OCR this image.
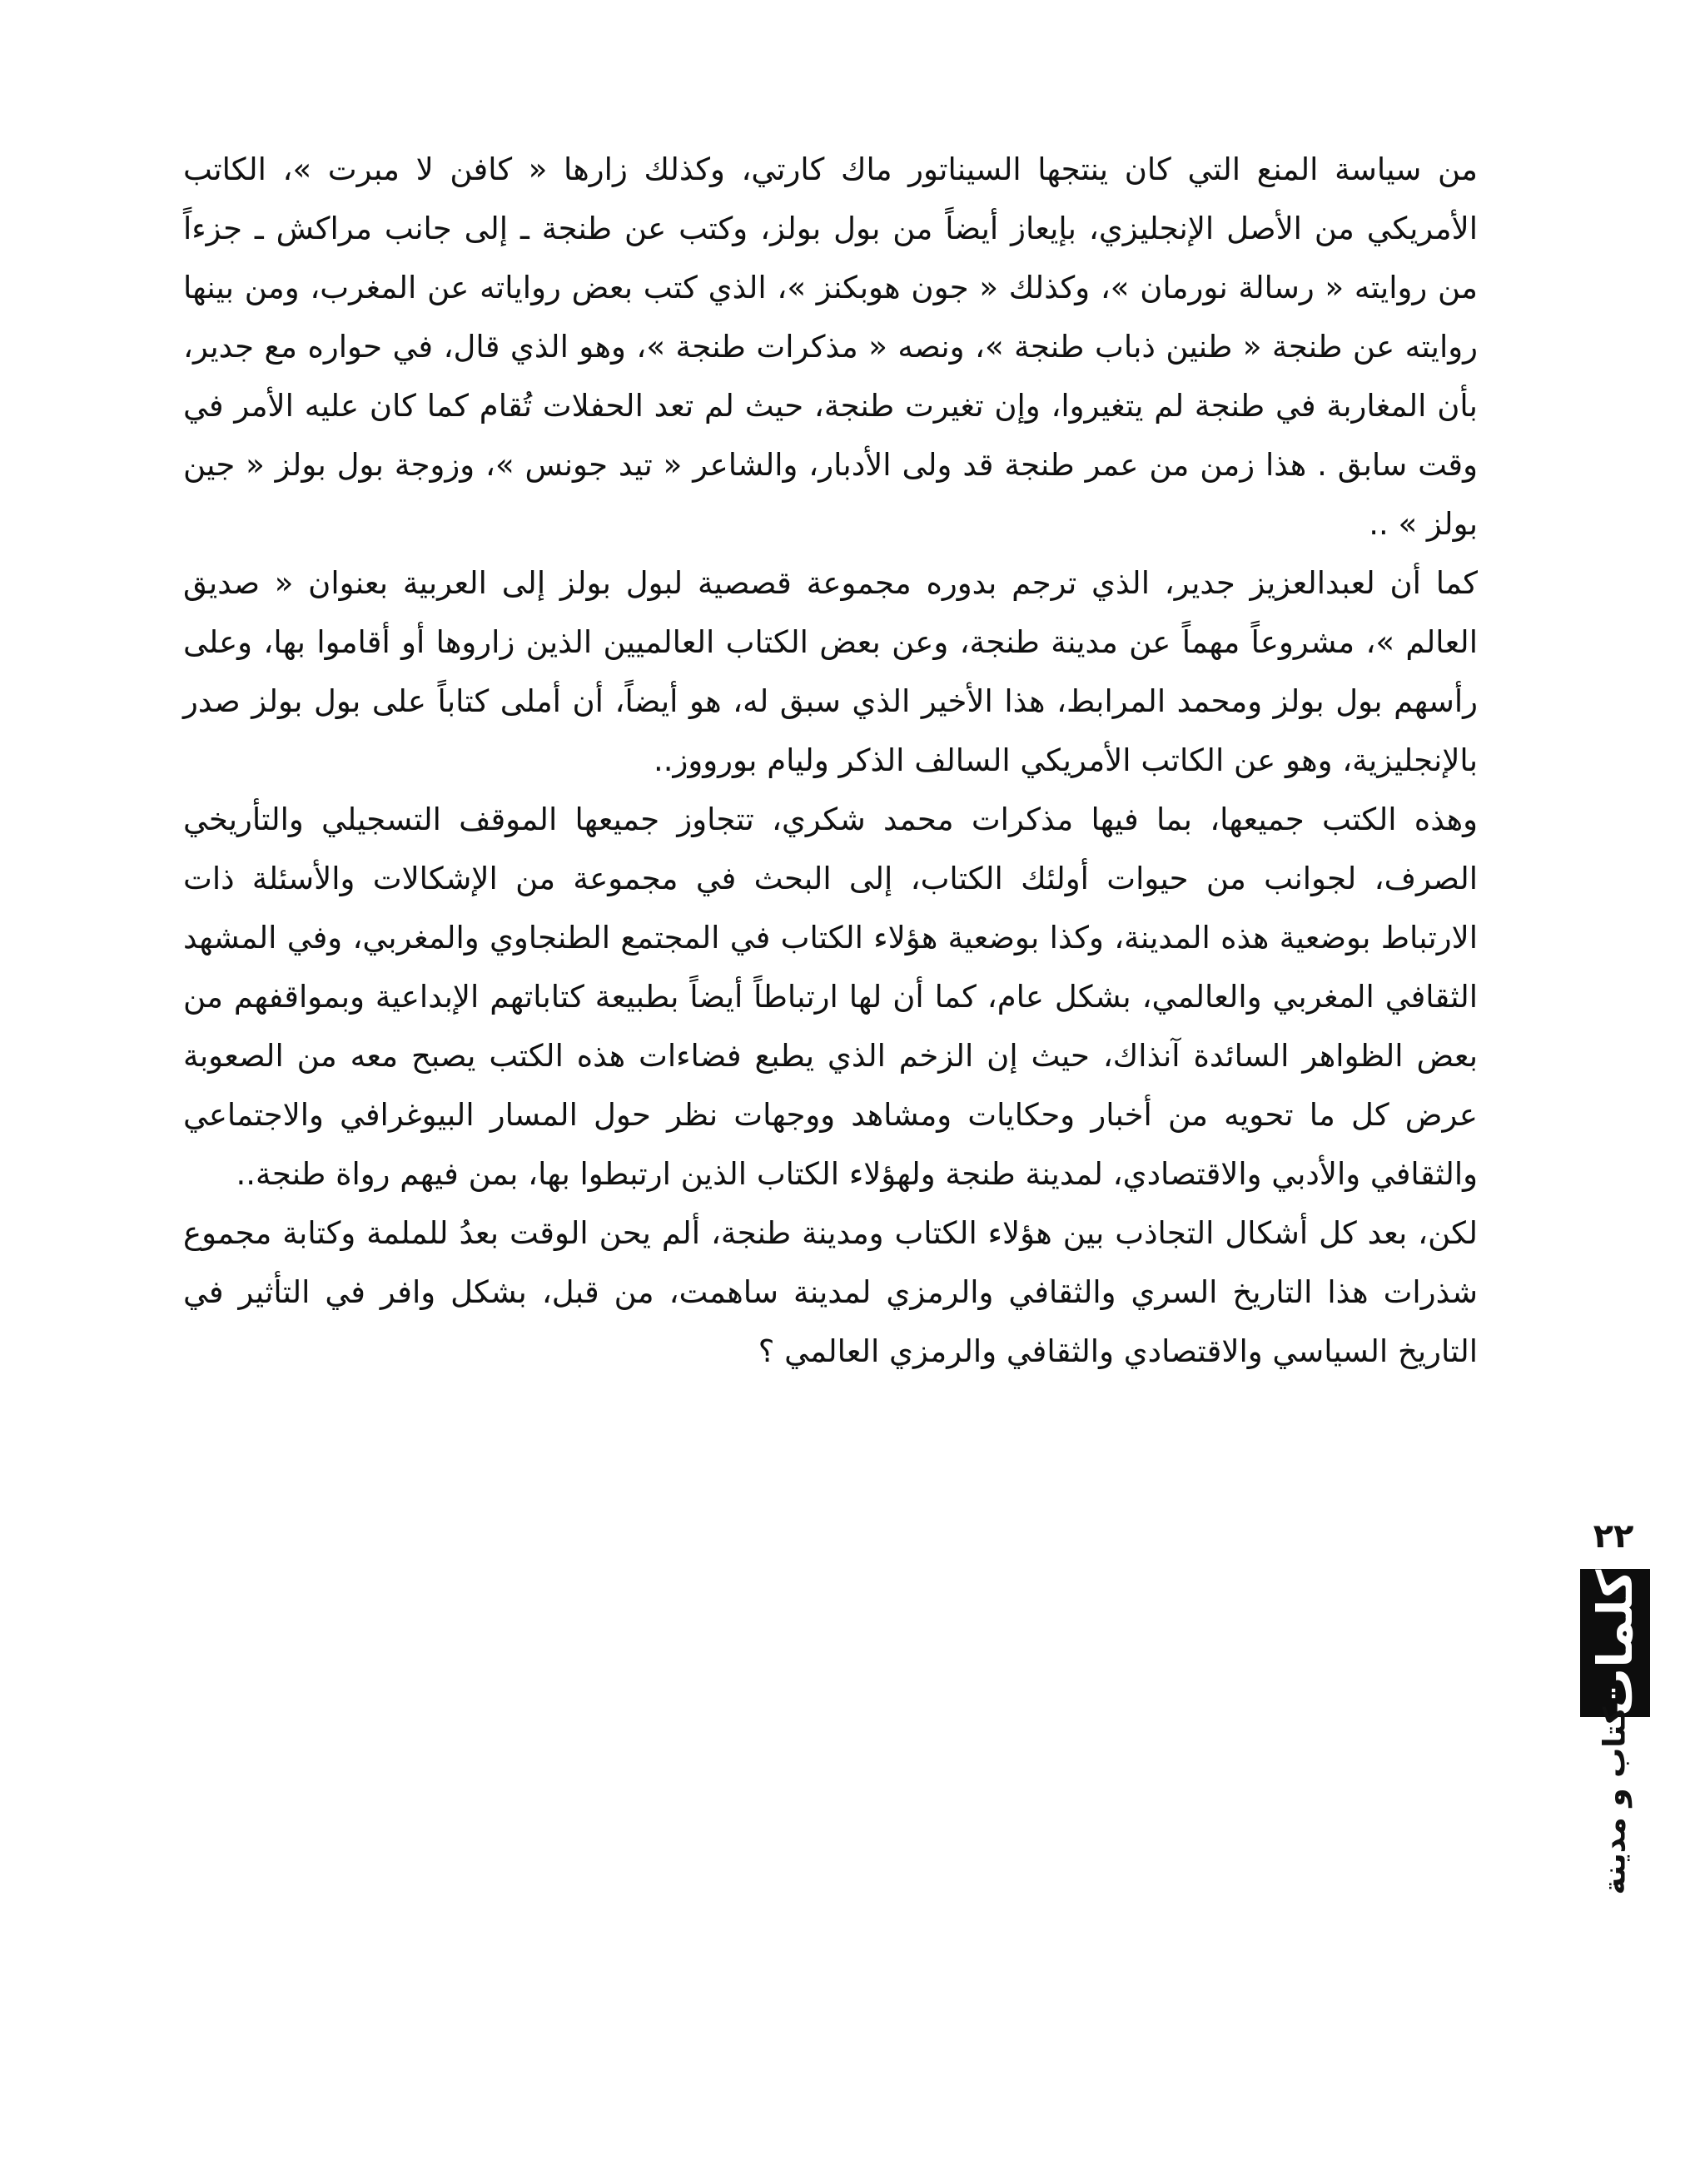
من سياسة المنع التي كان ينتجها السيناتور ماك كارتي، وكذلك زارها « كافن لا مبرت »، الكاتب الأمريكي من الأصل الإنجليزي، بإيعاز أيضاً من بول بولز، وكتب عن طنجة ـ إلى جانب مراكش ـ جزءاً من روايته « رسالة نورمان »، وكذلك « جون هوبكنز »، الذي كتب بعض رواياته عن المغرب، ومن بينها روايته عن طنجة « طنين ذباب طنجة »، ونصه « مذكرات طنجة »، وهو الذي قال، في حواره مع جدير، بأن المغاربة في طنجة لم يتغيروا، وإن تغيرت طنجة، حيث لم تعد الحفلات تُقام كما كان عليه الأمر في وقت سابق . هذا زمن من عمر طنجة قد ولى الأدبار، والشاعر « تيد جونس »، وزوجة بول بولز « جين بولز » ..

كما أن لعبدالعزيز جدير، الذي ترجم بدوره مجموعة قصصية لبول بولز إلى العربية بعنوان « صديق العالم »، مشروعاً مهماً عن مدينة طنجة، وعن بعض الكتاب العالميين الذين زاروها أو أقاموا بها، وعلى رأسهم بول بولز ومحمد المرابط، هذا الأخير الذي سبق له، هو أيضاً، أن أملى كتاباً على بول بولز صدر بالإنجليزية، وهو عن الكاتب الأمريكي السالف الذكر وليام بورووز..

وهذه الكتب جميعها، بما فيها مذكرات محمد شكري، تتجاوز جميعها الموقف التسجيلي والتأريخي الصرف، لجوانب من حيوات أولئك الكتاب، إلى البحث في مجموعة من الإشكالات والأسئلة ذات الارتباط بوضعية هذه المدينة، وكذا بوضعية هؤلاء الكتاب في المجتمع الطنجاوي والمغربي، وفي المشهد الثقافي المغربي والعالمي، بشكل عام، كما أن لها ارتباطاً أيضاً بطبيعة كتاباتهم الإبداعية وبمواقفهم من بعض الظواهر السائدة آنذاك، حيث إن الزخم الذي يطبع فضاءات هذه الكتب يصبح معه من الصعوبة عرض كل ما تحويه من أخبار وحكايات ومشاهد ووجهات نظر حول المسار البيوغرافي والاجتماعي والثقافي والأدبي والاقتصادي، لمدينة طنجة ولهؤلاء الكتاب الذين ارتبطوا بها، بمن فيهم رواة طنجة..

لكن، بعد كل أشكال التجاذب بين هؤلاء الكتاب ومدينة طنجة، ألم يحن الوقت بعدُ للملمة وكتابة مجموع شذرات هذا التاريخ السري والثقافي والرمزي لمدينة ساهمت، من قبل، بشكل وافر في التأثير في التاريخ السياسي والاقتصادي والثقافي والرمزي العالمي ؟

٢٢
كلمات
كتاب و مدينة
